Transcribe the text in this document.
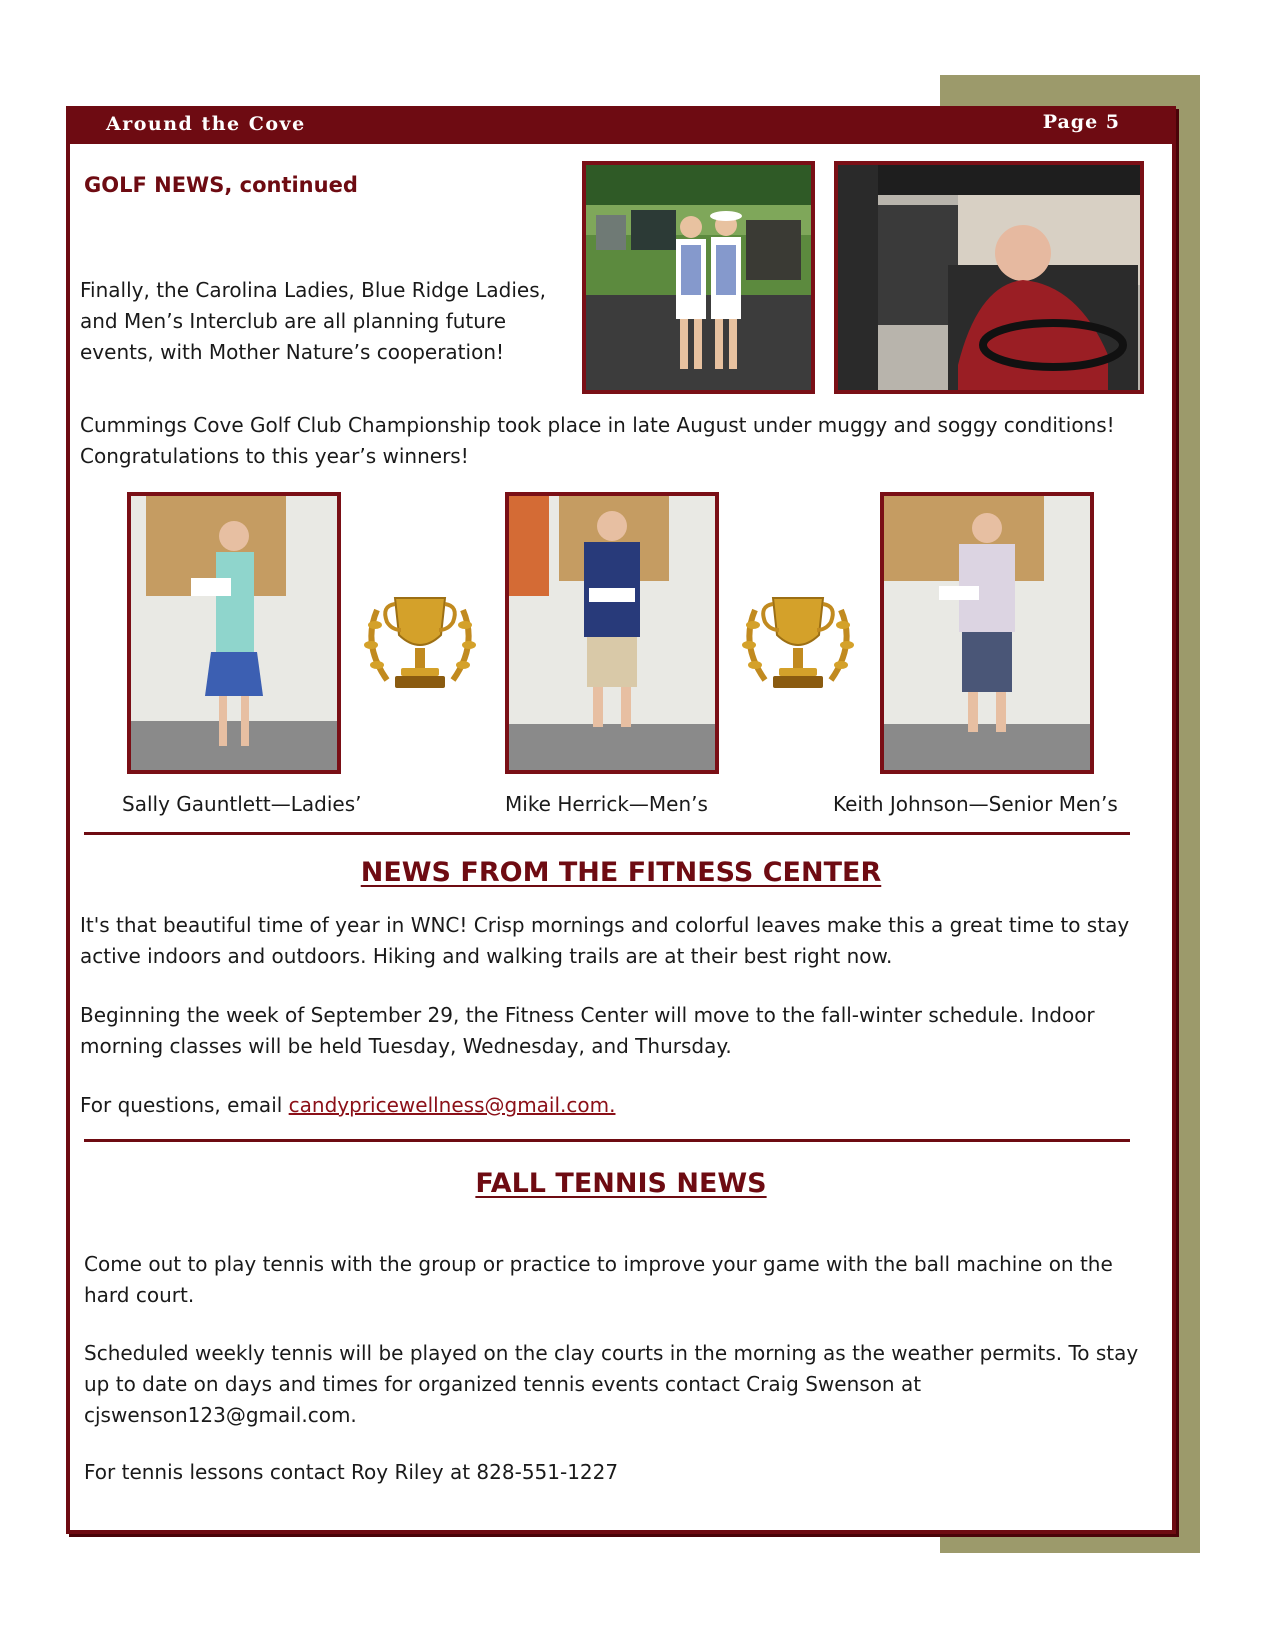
Around the Cove	Page 5
GOLF NEWS, continued

Finally, the Carolina Ladies, Blue Ridge Ladies, and Men’s Interclub are all planning future events, with Mother Nature’s cooperation!

Cummings Cove Golf Club Championship took place in late August under muggy and soggy conditions! Congratulations to this year’s winners!

Sally Gauntlett—Ladies’	Mike Herrick—Men’s	Keith Johnson—Senior Men’s
NEWS FROM THE FITNESS CENTER

It's that beautiful time of year in WNC! Crisp mornings and colorful leaves make this a great time to stay active indoors and outdoors. Hiking and walking trails are at their best right now.

Beginning the week of September 29, the Fitness Center will move to the fall-winter schedule. Indoor morning classes will be held Tuesday, Wednesday, and Thursday.

For questions, email candypricewellness@gmail.com.

FALL TENNIS NEWS

Come out to play tennis with the group or practice to improve your game with the ball machine on the hard court.

Scheduled weekly tennis will be played on the clay courts in the morning as the weather permits. To stay up to date on days and times for organized tennis events contact Craig Swenson at cjswenson123@gmail.com.

For tennis lessons contact Roy Riley at 828-551-1227
